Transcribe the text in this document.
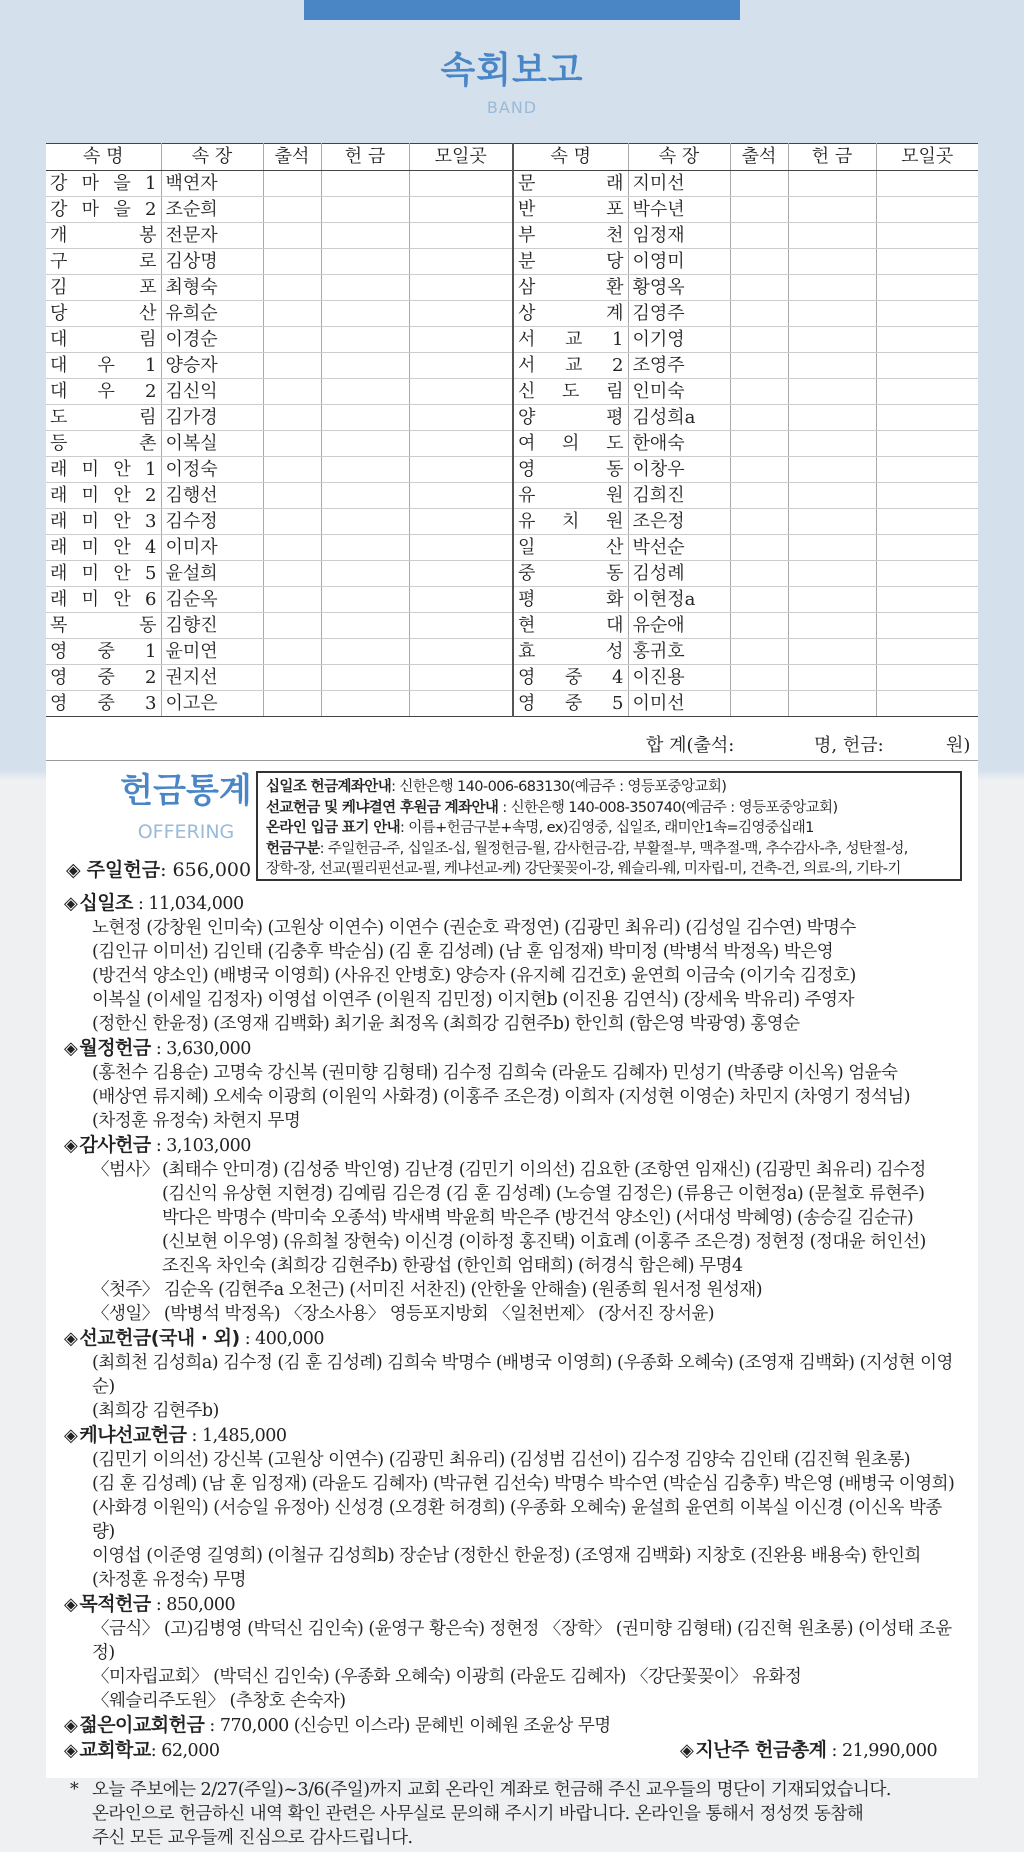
속회보고
BAND
속 명	속 장	출석	헌 금	모일곳	속 명	속 장	출석	헌 금	모일곳
강 마 을 1	백연자				문 래	지미선			
강 마 을 2	조순희				반 포	박수년			
개 봉	전문자				부 천	임정재			
구 로	김상명				분 당	이영미			
김 포	최형숙				삼 환	황영옥			
당 산	유희순				상 계	김영주			
대 림	이경순				서 교 1	이기영			
대 우 1	양승자				서 교 2	조영주			
대 우 2	김신익				신 도 림	인미숙			
도 림	김가경				양 평	김성희a			
등 촌	이복실				여 의 도	한애숙			
래 미 안 1	이정숙				영 동	이창우			
래 미 안 2	김행선				유 원	김희진			
래 미 안 3	김수정				유 치 원	조은정			
래 미 안 4	이미자				일 산	박선순			
래 미 안 5	윤설희				중 동	김성례			
래 미 안 6	김순옥				평 화	이현정a			
목 동	김향진				현 대	유순애			
영 중 1	윤미연				효 성	홍귀호			
영 중 2	권지선				영 중 4	이진용			
영 중 3	이고은				영 중 5	이미선			
합 계(출석:	명, 헌금:	원)
헌금통계
OFFERING
◈ 주일헌금: 656,000
십일조 헌금계좌안내: 신한은행 140-006-683130(예금주 : 영등포중앙교회)
선교헌금 및 케냐결연 후원금 계좌안내 : 신한은행 140-008-350740(예금주 : 영등포중앙교회)
온라인 입금 표기 안내: 이름+헌금구분+속명, ex)김영중, 십일조, 래미안1속=김영중십래1
헌금구분: 주일헌금-주, 십일조-십, 월정헌금-월, 감사헌금-감, 부활절-부, 맥추절-맥, 추수감사-추, 성탄절-성,
장학-장, 선교(필리핀선교-필, 케냐선교-케) 강단꽃꽂이-강, 웨슬리-웨, 미자립-미, 건축-건, 의료-의, 기타-기
◈ 십일조 : 11,034,000
노현정 (강창원 인미숙) (고원상 이연수) 이연수 (권순호 곽정연) (김광민 최유리) (김성일 김수연) 박명수
(김인규 이미선) 김인태 (김충후 박순심) (김 훈 김성례) (남 훈 임정재) 박미정 (박병석 박정옥) 박은영
(방건석 양소인) (배병국 이영희) (사유진 안병호) 양승자 (유지혜 김건호) 윤연희 이금숙 (이기숙 김정호)
이복실 (이세일 김정자) 이영섭 이연주 (이원직 김민정) 이지현b (이진용 김연식) (장세욱 박유리) 주영자
(정한신 한윤정) (조영재 김백화) 최기윤 최정옥 (최희강 김현주b) 한인희 (함은영 박광영) 홍영순
◈ 월정헌금 : 3,630,000
(홍천수 김용순) 고명숙 강신복 (권미향 김형태) 김수정 김희숙 (라윤도 김혜자) 민성기 (박종량 이신옥) 엄윤숙
(배상연 류지혜) 오세숙 이광희 (이원익 사화경) (이홍주 조은경) 이희자 (지성현 이영순) 차민지 (차영기 정석님)
(차정훈 유정숙) 차현지 무명
◈ 감사헌금 : 3,103,000
〈범사〉 (최태수 안미경) (김성중 박인영) 김난경 (김민기 이의선) 김요한 (조항연 임재신) (김광민 최유리) 김수정
(김신익 유상현 지현경) 김예림 김은경 (김 훈 김성례) (노승열 김정은) (류용근 이현정a) (문철호 류현주)
박다은 박명수 (박미숙 오종석) 박새벽 박윤희 박은주 (방건석 양소인) (서대성 박혜영) (송승길 김순규)
(신보현 이우영) (유희철 장현숙) 이신경 (이하정 홍진택) 이효례 (이홍주 조은경) 정현정 (정대윤 허인선)
조진옥 차인숙 (최희강 김현주b) 한광섭 (한인희 엄태희) (허경식 함은혜) 무명4
〈첫주〉 김순옥 (김현주a 오천근) (서미진 서찬진) (안한울 안해솔) (원종희 원서정 원성재)
〈생일〉 (박병석 박정옥) 〈장소사용〉 영등포지방회 〈일천번제〉 (장서진 장서윤)
◈ 선교헌금(국내 · 외) : 400,000
(최희천 김성희a) 김수정 (김 훈 김성례) 김희숙 박명수 (배병국 이영희) (우종화 오혜숙) (조영재 김백화) (지성현 이영순)
(최희강 김현주b)
◈ 케냐선교헌금 : 1,485,000
(김민기 이의선) 강신복 (고원상 이연수) (김광민 최유리) (김성범 김선이) 김수정 김양숙 김인태 (김진혁 원초롱)
(김 훈 김성례) (남 훈 임정재) (라윤도 김혜자) (박규현 김선숙) 박명수 박수연 (박순심 김충후) 박은영 (배병국 이영희)
(사화경 이원익) (서승일 유정아) 신성경 (오경환 허경희) (우종화 오혜숙) 윤설희 윤연희 이복실 이신경 (이신옥 박종량)
이영섭 (이준영 길영희) (이철규 김성희b) 장순남 (정한신 한윤정) (조영재 김백화) 지창호 (진완용 배용숙) 한인희
(차정훈 유정숙) 무명
◈ 목적헌금 : 850,000
〈금식〉 (고)김병영 (박덕신 김인숙) (윤영구 황은숙) 정현정 〈장학〉 (권미향 김형태) (김진혁 원초롱) (이성태 조윤정)
〈미자립교회〉 (박덕신 김인숙) (우종화 오혜숙) 이광희 (라윤도 김혜자) 〈강단꽃꽂이〉 유화정
〈웨슬리주도원〉 (추창호 손숙자)
◈ 젊은이교회헌금 : 770,000 (신승민 이스라) 문혜빈 이혜원 조윤상 무명
◈ 교회학교: 62,000	◈ 지난주 헌금총계 : 21,990,000
* 오늘 주보에는 2/27(주일)~3/6(주일)까지 교회 온라인 계좌로 헌금해 주신 교우들의 명단이 기재되었습니다.
온라인으로 헌금하신 내역 확인 관련은 사무실로 문의해 주시기 바랍니다. 온라인을 통해서 정성껏 동참해
주신 모든 교우들께 진심으로 감사드립니다.
